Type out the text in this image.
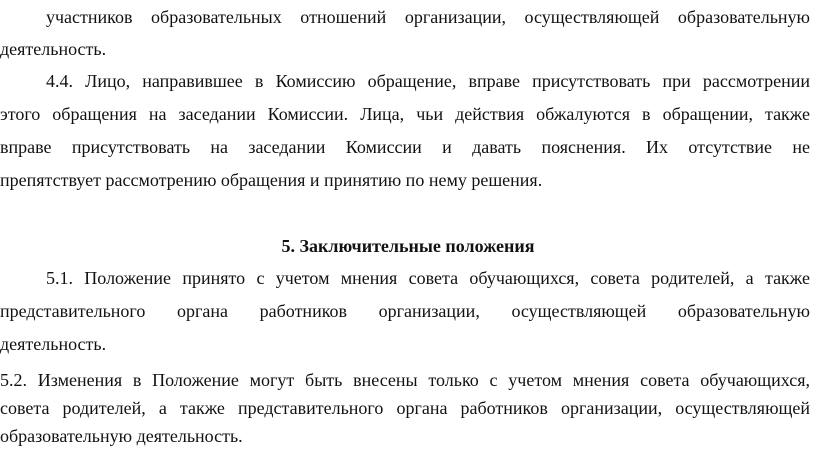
участников образовательных отношений организации, осуществляющей образовательную
деятельность.
4.4. Лицо, направившее в Комиссию обращение, вправе присутствовать при рассмотрении
этого обращения на заседании Комиссии. Лица, чьи действия обжалуются в обращении, также
вправе присутствовать на заседании Комиссии и давать пояснения. Их отсутствие не
препятствует рассмотрению обращения и принятию по нему решения.
5. Заключительные положения
5.1. Положение принято с учетом мнения совета обучающихся, совета родителей, а также
представительного органа работников организации, осуществляющей образовательную
деятельность.
5.2. Изменения в Положение могут быть внесены только с учетом мнения совета обучающихся,
совета родителей, а также представительного органа работников организации, осуществляющей
образовательную деятельность.
